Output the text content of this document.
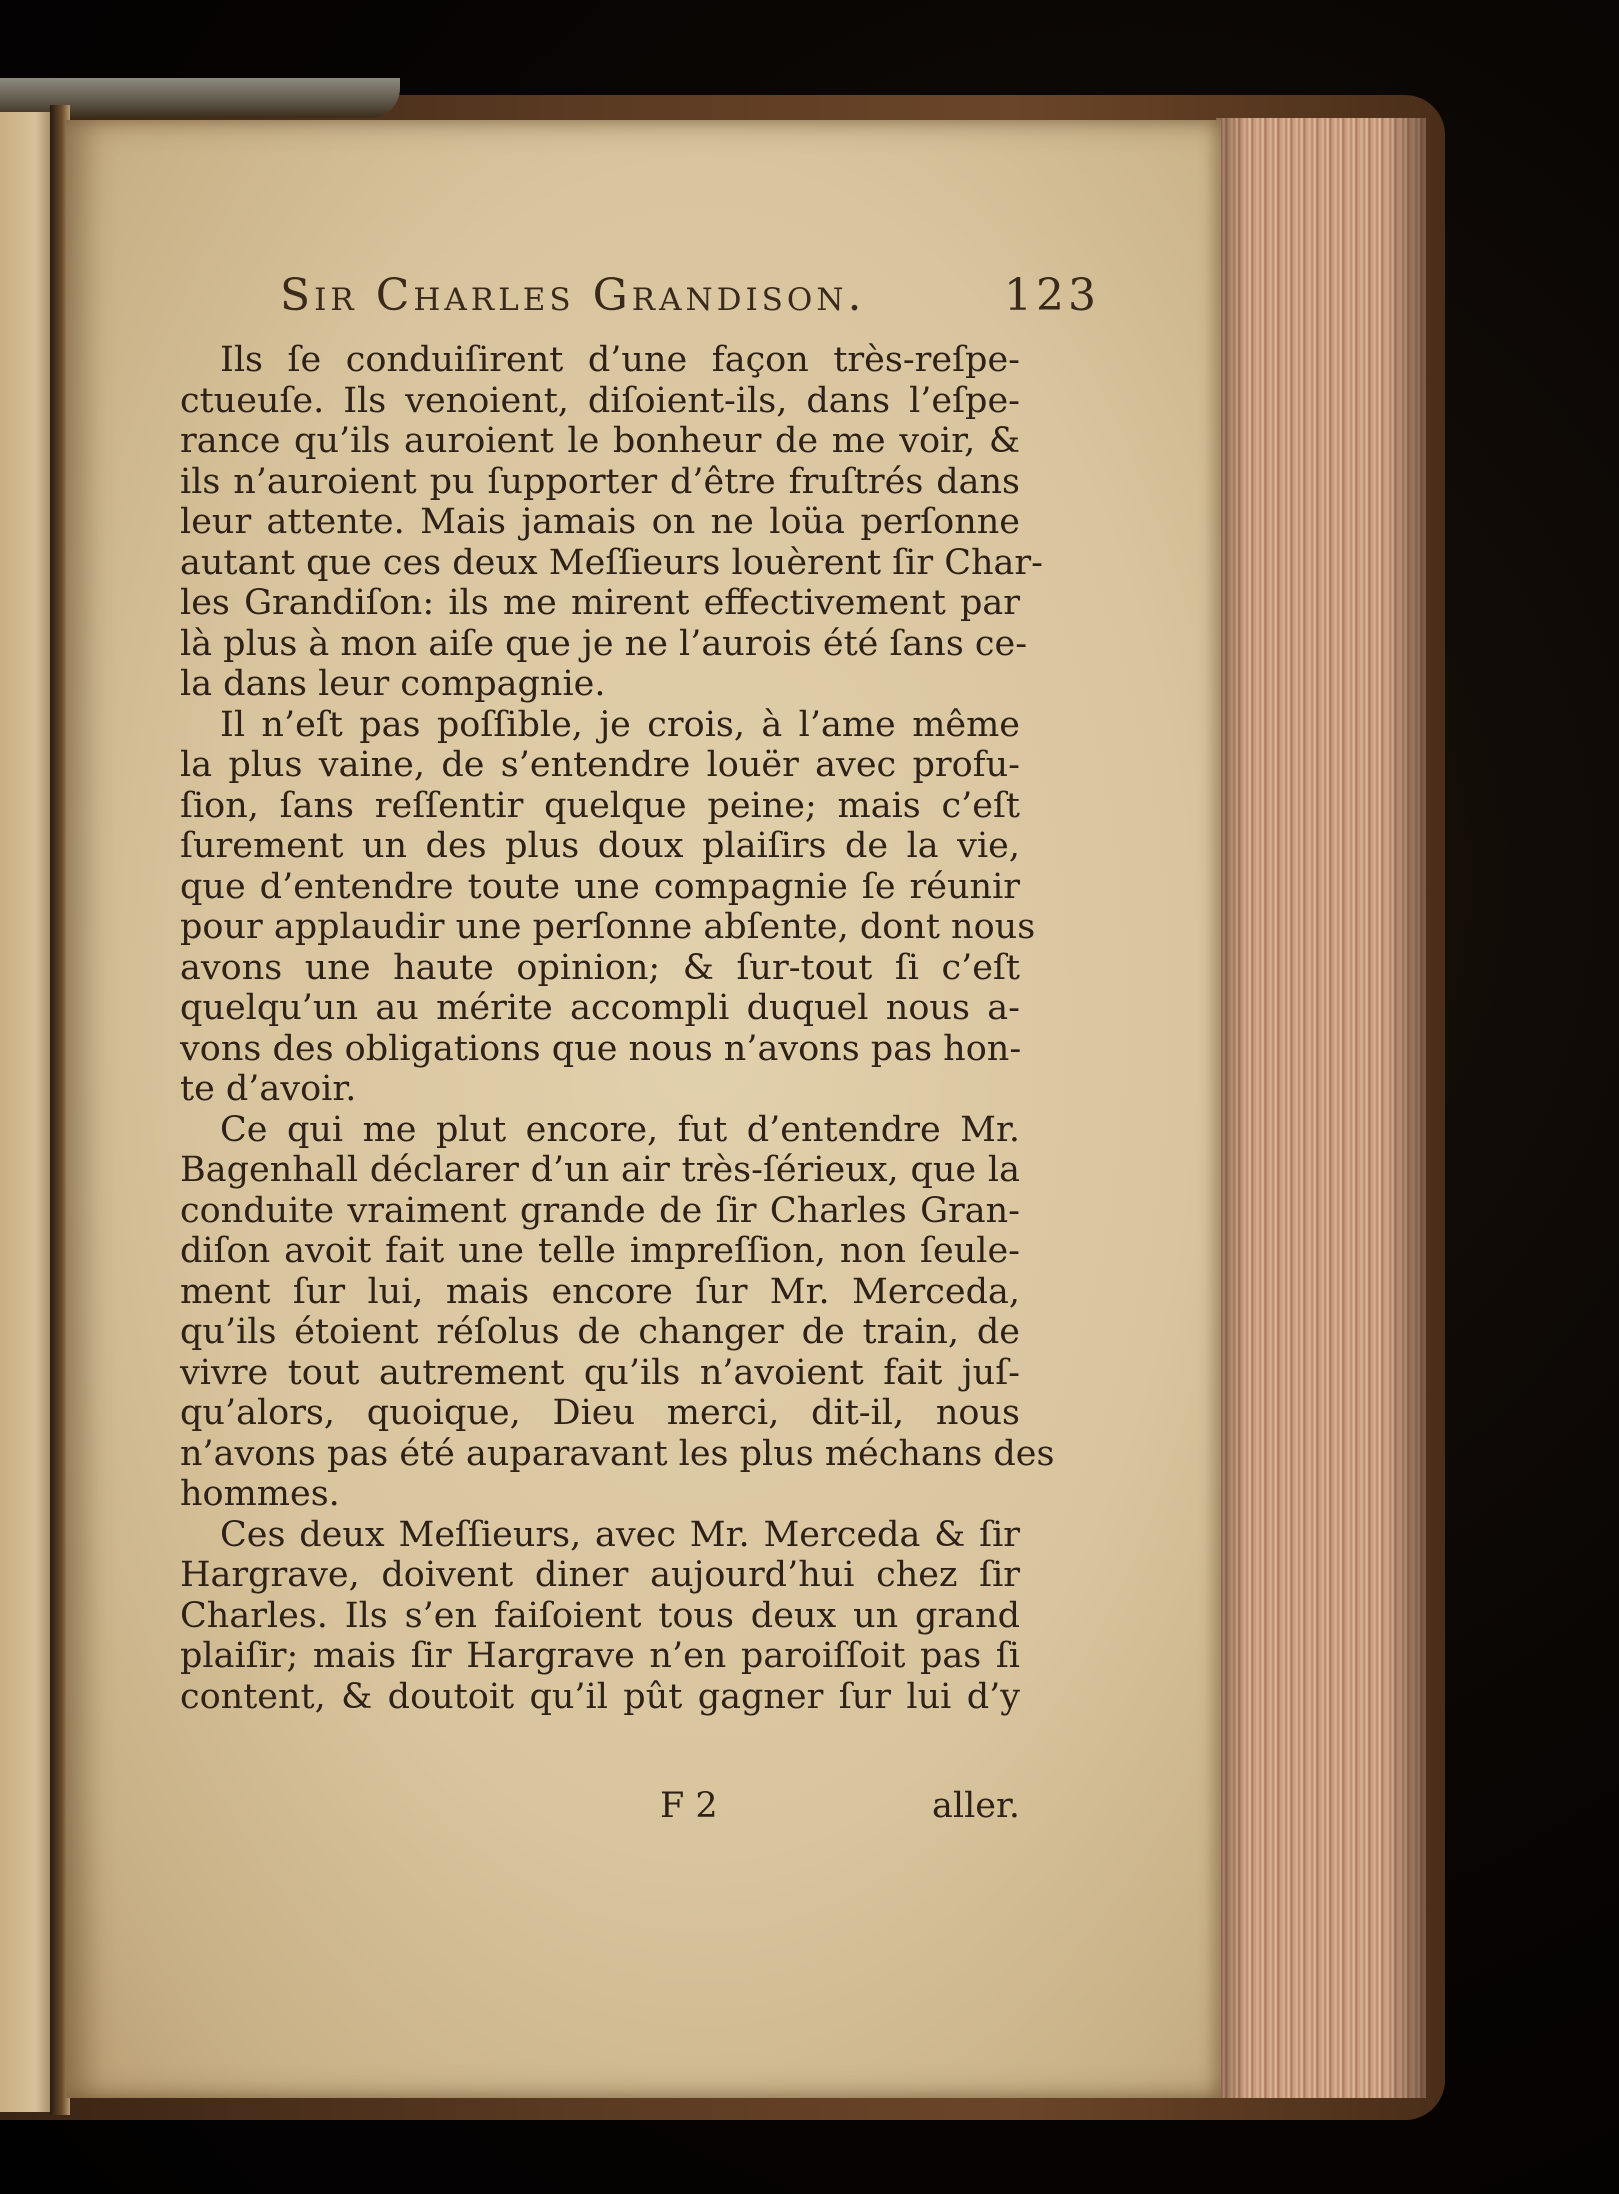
Sir Charles Grandison.	123
Ils ſe conduiſirent d’une façon très-reſpe-
ctueuſe. Ils venoient, diſoient-ils, dans l’eſpe-
rance qu’ils auroient le bonheur de me voir, &
ils n’auroient pu ſupporter d’être fruſtrés dans
leur attente. Mais jamais on ne loüa perſonne
autant que ces deux Meſſieurs louèrent ſir Char-
les Grandiſon: ils me mirent effectivement par
là plus à mon aiſe que je ne l’aurois été ſans ce-
la dans leur compagnie.
Il n’eſt pas poſſible, je crois, à l’ame même
la plus vaine, de s’entendre louër avec profu-
ſion, ſans reſſentir quelque peine; mais c’eſt
ſurement un des plus doux plaiſirs de la vie,
que d’entendre toute une compagnie ſe réunir
pour applaudir une perſonne abſente, dont nous
avons une haute opinion; & ſur-tout ſi c’eſt
quelqu’un au mérite accompli duquel nous a-
vons des obligations que nous n’avons pas hon-
te d’avoir.
Ce qui me plut encore, fut d’entendre Mr.
Bagenhall déclarer d’un air très-ſérieux, que la
conduite vraiment grande de ſir Charles Gran-
diſon avoit fait une telle impreſſion, non ſeule-
ment ſur lui, mais encore ſur Mr. Merceda,
qu’ils étoient réſolus de changer de train, de
vivre tout autrement qu’ils n’avoient fait juſ-
qu’alors, quoique, Dieu merci, dit-il, nous
n’avons pas été auparavant les plus méchans des
hommes.
Ces deux Meſſieurs, avec Mr. Merceda & ſir
Hargrave, doivent diner aujourd’hui chez ſir
Charles. Ils s’en faiſoient tous deux un grand
plaiſir; mais ſir Hargrave n’en paroiſſoit pas ſi
content, & doutoit qu’il pût gagner ſur lui d’y
F 2	aller.
